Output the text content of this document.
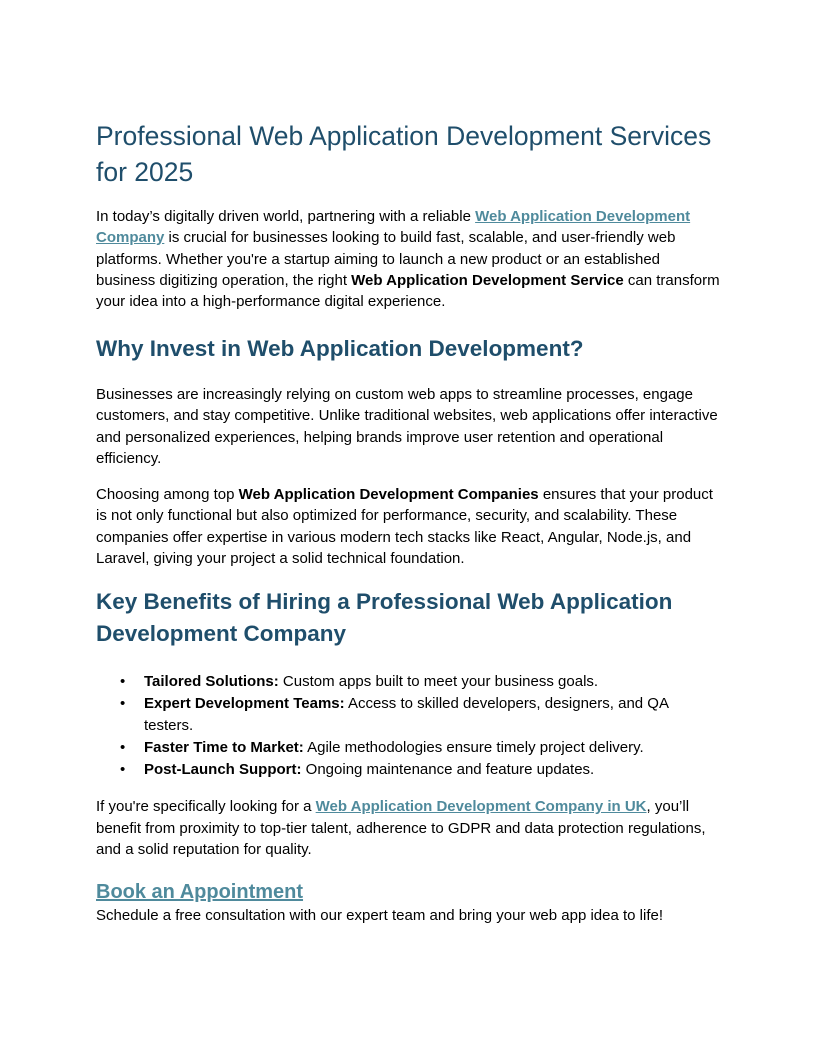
Professional Web Application Development Services for 2025

In today’s digitally driven world, partnering with a reliable Web Application Development Company is crucial for businesses looking to build fast, scalable, and user-friendly web platforms. Whether you're a startup aiming to launch a new product or an established business digitizing operation, the right Web Application Development Service can transform your idea into a high-performance digital experience.

Why Invest in Web Application Development?

Businesses are increasingly relying on custom web apps to streamline processes, engage customers, and stay competitive. Unlike traditional websites, web applications offer interactive and personalized experiences, helping brands improve user retention and operational efficiency.

Choosing among top Web Application Development Companies ensures that your product is not only functional but also optimized for performance, security, and scalability. These companies offer expertise in various modern tech stacks like React, Angular, Node.js, and Laravel, giving your project a solid technical foundation.

Key Benefits of Hiring a Professional Web Application Development Company
• Tailored Solutions: Custom apps built to meet your business goals.
• Expert Development Teams: Access to skilled developers, designers, and QA testers.
• Faster Time to Market: Agile methodologies ensure timely project delivery.
• Post-Launch Support: Ongoing maintenance and feature updates.

If you're specifically looking for a Web Application Development Company in UK, you’ll benefit from proximity to top-tier talent, adherence to GDPR and data protection regulations, and a solid reputation for quality.

Book an Appointment

Schedule a free consultation with our expert team and bring your web app idea to life!
